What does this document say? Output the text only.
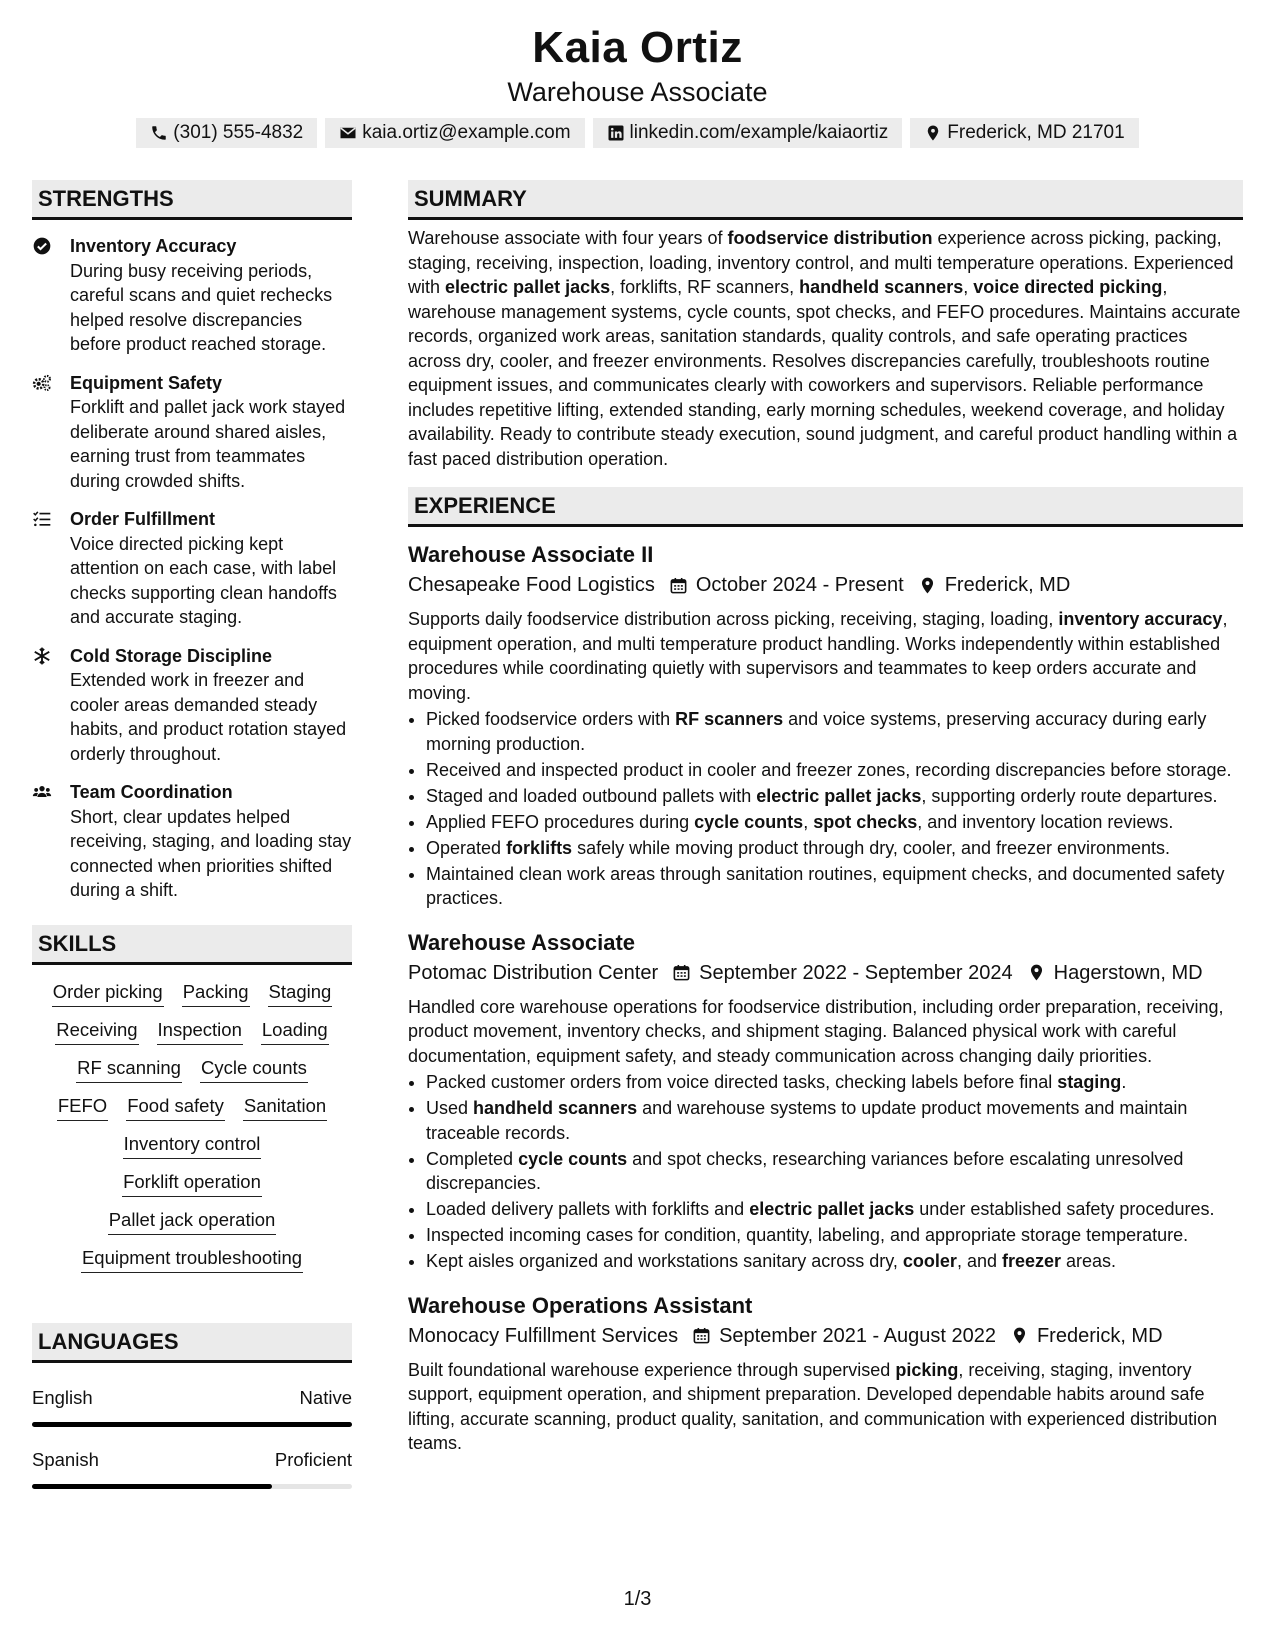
Kaia Ortiz
Warehouse Associate
(301) 555-4832	kaia.ortiz@example.com	linkedin.com/example/kaiaortiz	Frederick, MD 21701
STRENGTHS
Inventory Accuracy
During busy receiving periods, careful scans and quiet rechecks helped resolve discrepancies before product reached storage.
Equipment Safety
Forklift and pallet jack work stayed deliberate around shared aisles, earning trust from teammates during crowded shifts.
Order Fulfillment
Voice directed picking kept attention on each case, with label checks supporting clean handoffs and accurate staging.
Cold Storage Discipline
Extended work in freezer and cooler areas demanded steady habits, and product rotation stayed orderly throughout.
Team Coordination
Short, clear updates helped receiving, staging, and loading stay connected when priorities shifted during a shift.
SKILLS
Order picking Packing Staging
Receiving Inspection Loading
RF scanning Cycle counts
FEFO Food safety Sanitation
Inventory control
Forklift operation
Pallet jack operation
Equipment troubleshooting
LANGUAGES
English	Native
Spanish	Proficient
SUMMARY
Warehouse associate with four years of foodservice distribution experience across picking, packing, staging, receiving, inspection, loading, inventory control, and multi temperature operations. Experienced with electric pallet jacks, forklifts, RF scanners, handheld scanners, voice directed picking, warehouse management systems, cycle counts, spot checks, and FEFO procedures. Maintains accurate records, organized work areas, sanitation standards, quality controls, and safe operating practices across dry, cooler, and freezer environments. Resolves discrepancies carefully, troubleshoots routine equipment issues, and communicates clearly with coworkers and supervisors. Reliable performance includes repetitive lifting, extended standing, early morning schedules, weekend coverage, and holiday availability. Ready to contribute steady execution, sound judgment, and careful product handling within a fast paced distribution operation.
EXPERIENCE
Warehouse Associate II
Chesapeake Food Logistics October 2024 - Present Frederick, MD
Supports daily foodservice distribution across picking, receiving, staging, loading, inventory accuracy, equipment operation, and multi temperature product handling. Works independently within established procedures while coordinating quietly with supervisors and teammates to keep orders accurate and moving.
• Picked foodservice orders with RF scanners and voice systems, preserving accuracy during early morning production.
• Received and inspected product in cooler and freezer zones, recording discrepancies before storage.
• Staged and loaded outbound pallets with electric pallet jacks, supporting orderly route departures.
• Applied FEFO procedures during cycle counts, spot checks, and inventory location reviews.
• Operated forklifts safely while moving product through dry, cooler, and freezer environments.
• Maintained clean work areas through sanitation routines, equipment checks, and documented safety practices.
Warehouse Associate
Potomac Distribution Center September 2022 - September 2024 Hagerstown, MD
Handled core warehouse operations for foodservice distribution, including order preparation, receiving, product movement, inventory checks, and shipment staging. Balanced physical work with careful documentation, equipment safety, and steady communication across changing daily priorities.
• Packed customer orders from voice directed tasks, checking labels before final staging.
• Used handheld scanners and warehouse systems to update product movements and maintain traceable records.
• Completed cycle counts and spot checks, researching variances before escalating unresolved discrepancies.
• Loaded delivery pallets with forklifts and electric pallet jacks under established safety procedures.
• Inspected incoming cases for condition, quantity, labeling, and appropriate storage temperature.
• Kept aisles organized and workstations sanitary across dry, cooler, and freezer areas.
Warehouse Operations Assistant
Monocacy Fulfillment Services September 2021 - August 2022 Frederick, MD
Built foundational warehouse experience through supervised picking, receiving, staging, inventory support, equipment operation, and shipment preparation. Developed dependable habits around safe lifting, accurate scanning, product quality, sanitation, and communication with experienced distribution teams.
1/3
